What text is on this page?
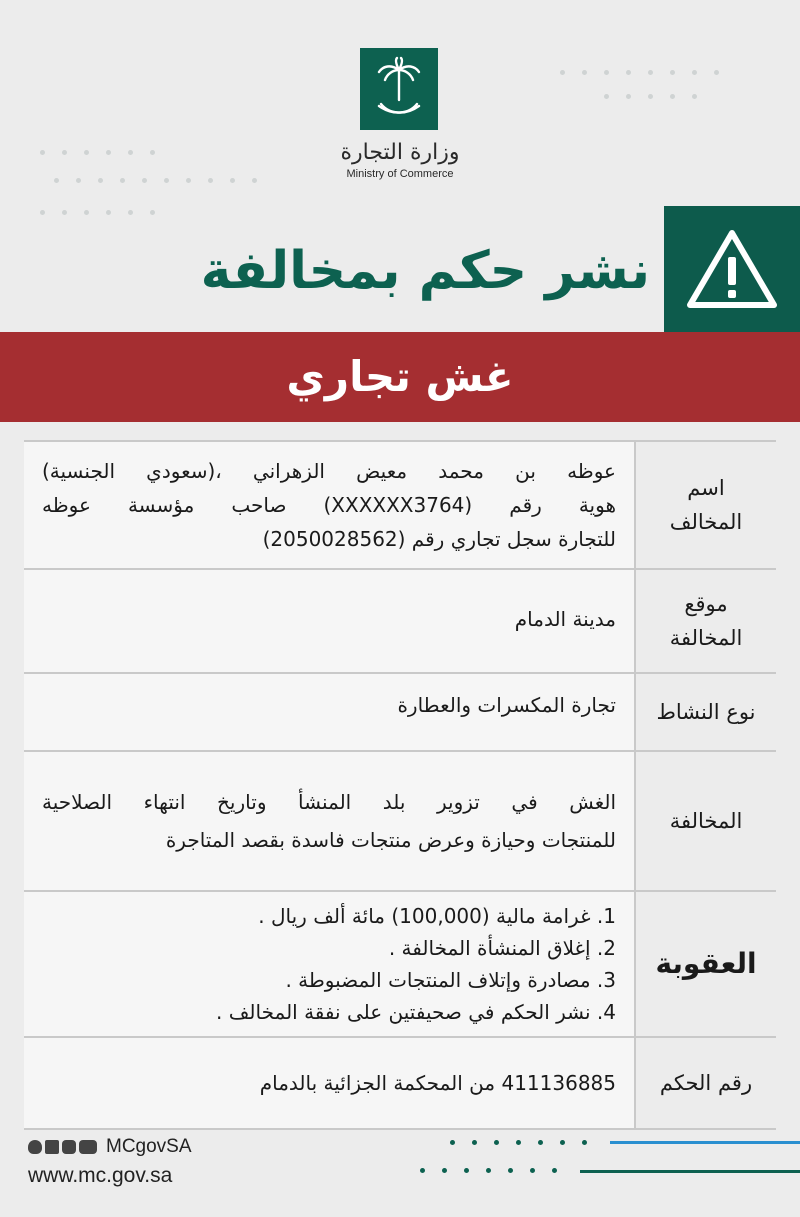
وزارة التجارة
Ministry of Commerce
نشر حكم بمخالفة
غش تجاري
اسم
المخالف
عوظه بن محمد معيض الزهراني ،(سعودي الجنسية)
هوية رقم (XXXXXX3764) صاحب مؤسسة عوظه
للتجارة سجل تجاري رقم (2050028562)
موقع
المخالفة
مدينة الدمام
نوع النشاط
تجارة المكسرات والعطارة
المخالفة
الغش في تزوير بلد المنشأ وتاريخ انتهاء الصلاحية
للمنتجات وحيازة وعرض منتجات فاسدة بقصد المتاجرة
العقوبة
1. غرامة مالية (100,000) مائة ألف ريال .
2. إغلاق المنشأة المخالفة .
3. مصادرة وإتلاف المنتجات المضبوطة .
4. نشر الحكم في صحيفتين على نفقة المخالف .
رقم الحكم
411136885 من المحكمة الجزائية بالدمام
MCgovSA
www.mc.gov.sa
